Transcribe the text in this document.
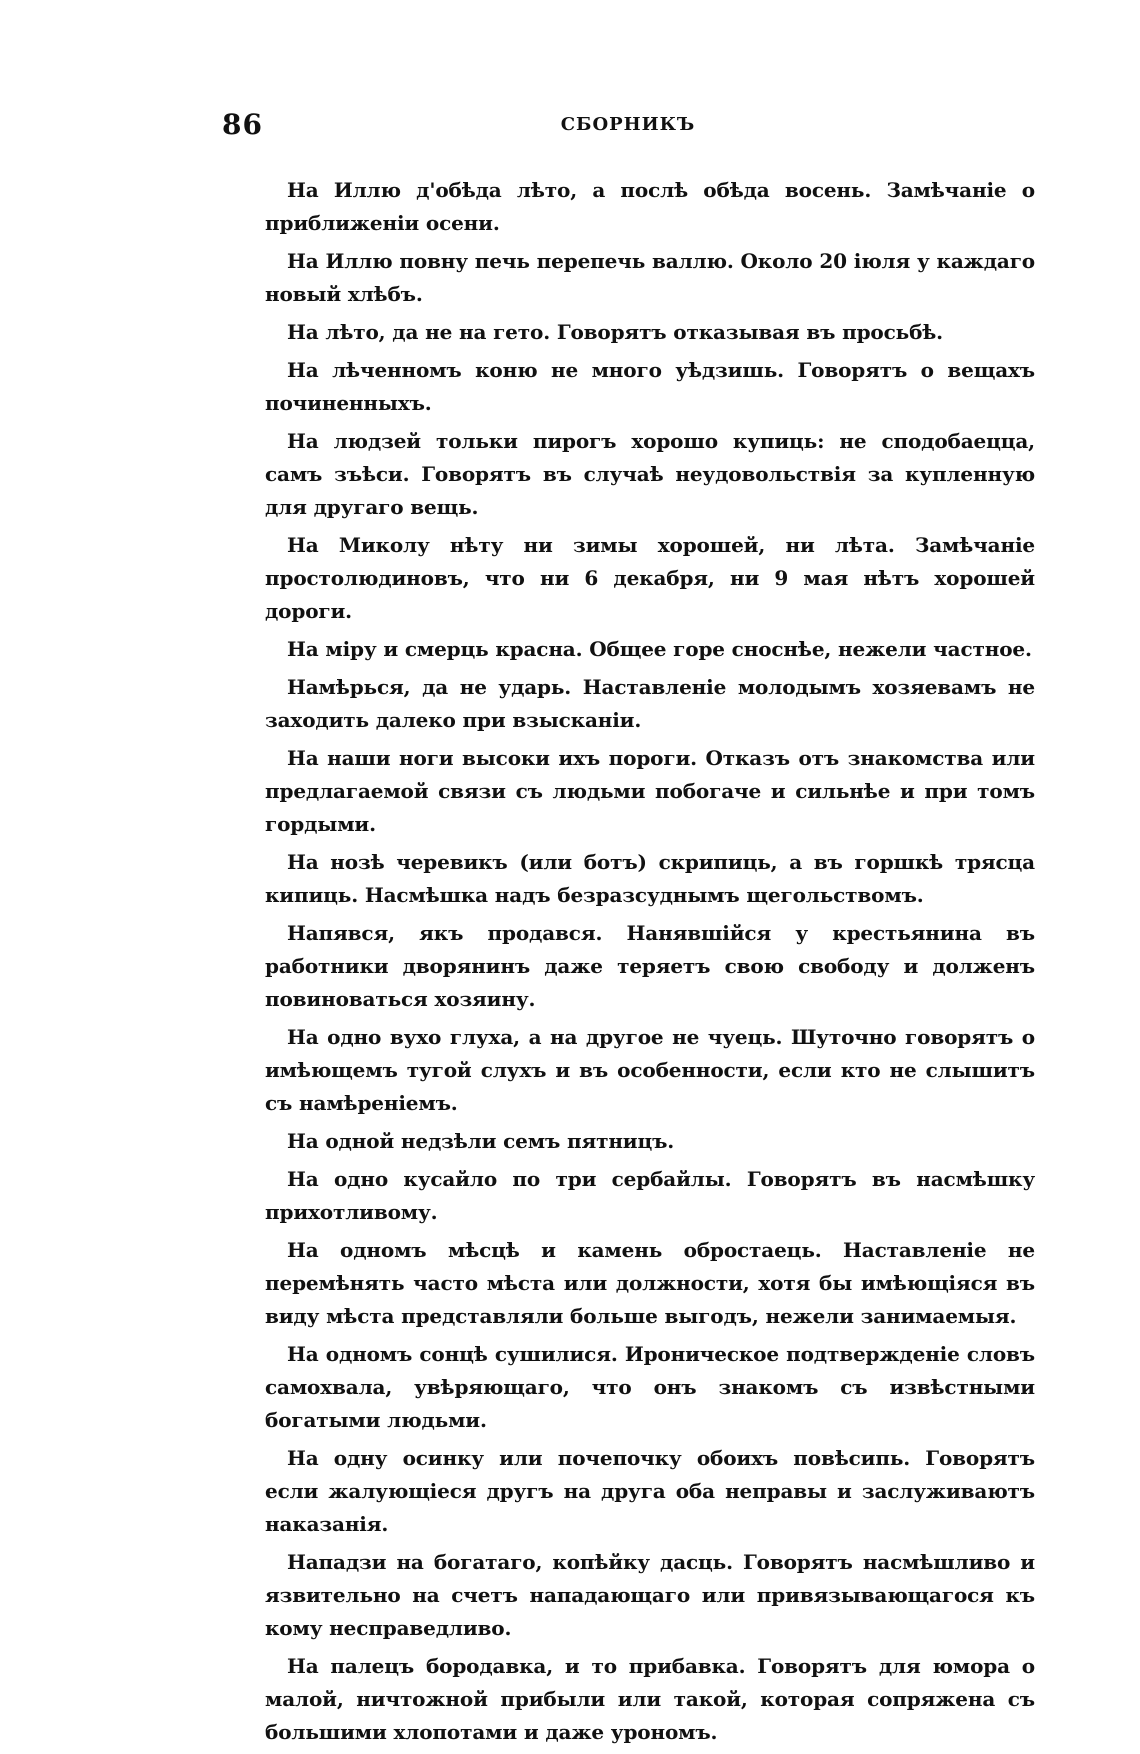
86	СБОРНИКЪ

На Иллю д'обѣда лѣто, а послѣ обѣда восень. Замѣчаніе о приближеніи осени.

На Иллю повну печь перепечь валлю. Около 20 іюля у каждаго новый хлѣбъ.

На лѣто, да не на гето. Говорятъ отказывая въ просьбѣ.

На лѣченномъ коню не много уѣдзишь. Говорятъ о вещахъ починенныхъ.

На людзей тольки пирогъ хорошо купиць: не сподобаецца, самъ зъѣси. Говорятъ въ случаѣ неудовольствія за купленную для другаго вещь.

На Миколу нѣту ни зимы хорошей, ни лѣта. Замѣчаніе простолюдиновъ, что ни 6 декабря, ни 9 мая нѣтъ хорошей дороги.

На міру и смерць красна. Общее горе сноснѣе, нежели частное.

Намѣрься, да не ударь. Наставленіе молодымъ хозяевамъ не заходить далеко при взысканіи.

На наши ноги высоки ихъ пороги. Отказъ отъ знакомства или предлагаемой связи съ людьми побогаче и сильнѣе и при томъ гордыми.

На нозѣ черевикъ (или ботъ) скрипиць, а въ горшкѣ трясца кипиць. Насмѣшка надъ безразсуднымъ щегольствомъ.

Напявся, якъ продався. Нанявшійся у крестьянина въ работники дворянинъ даже теряетъ свою свободу и долженъ повиноваться хозяину.

На одно вухо глуха, а на другое не чуець. Шуточно говорятъ о имѣющемъ тугой слухъ и въ особенности, если кто не слышитъ съ намѣреніемъ.

На одной недзѣли семъ пятницъ.

На одно кусайло по три сербайлы. Говорятъ въ насмѣшку прихотливому.

На одномъ мѣсцѣ и камень обростаець. Наставленіе не перемѣнять часто мѣста или должности, хотя бы имѣющіяся въ виду мѣста представляли больше выгодъ, нежели занимаемыя.

На одномъ сонцѣ сушилися. Ироническое подтвержденіе словъ самохвала, увѣряющаго, что онъ знакомъ съ извѣстными богатыми людьми.

На одну осинку или почепочку обоихъ повѣсипь. Говорятъ если жалующіеся другъ на друга оба неправы и заслуживаютъ наказанія.

Нападзи на богатаго, копѣйку дасць. Говорятъ насмѣшливо и язвительно на счетъ нападающаго или привязывающагося къ кому несправедливо.

На палецъ бородавка, и то прибавка. Говорятъ для юмора о малой, ничтожной прибыли или такой, которая сопряжена съ большими хлопотами и даже урономъ.
